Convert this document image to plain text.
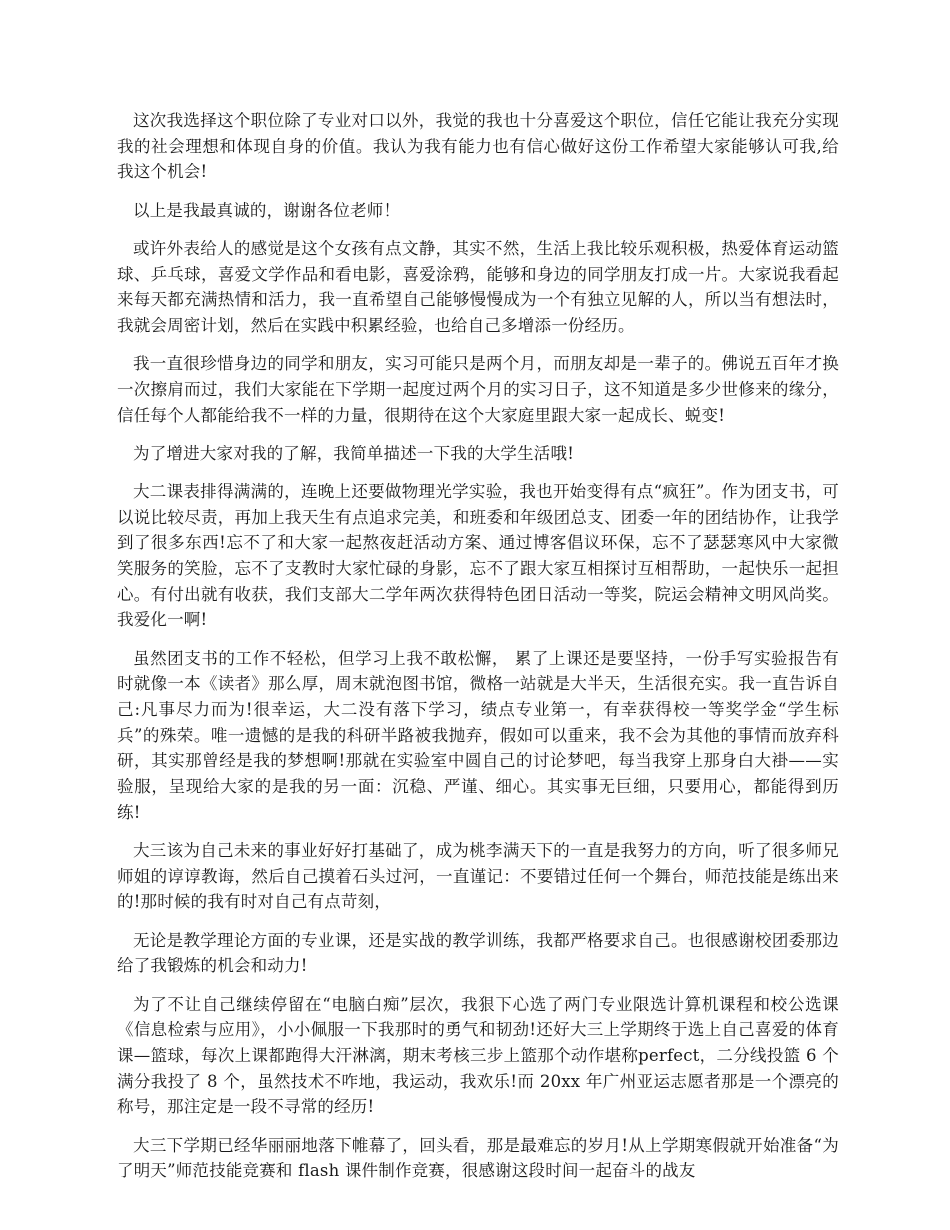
这次我选择这个职位除了专业对口以外，我觉的我也十分喜爱这个职位，信任它能让我充分实现我的社会理想和体现自身的价值。我认为我有能力也有信心做好这份工作希望大家能够认可我,给我这个机会!

以上是我最真诚的，谢谢各位老师！

或许外表给人的感觉是这个女孩有点文静，其实不然，生活上我比较乐观积极，热爱体育运动篮球、乒乓球，喜爱文学作品和看电影，喜爱涂鸦，能够和身边的同学朋友打成一片。大家说我看起来每天都充满热情和活力，我一直希望自己能够慢慢成为一个有独立见解的人，所以当有想法时，我就会周密计划，然后在实践中积累经验，也给自己多增添一份经历。

我一直很珍惜身边的同学和朋友，实习可能只是两个月，而朋友却是一辈子的。佛说五百年才换一次擦肩而过，我们大家能在下学期一起度过两个月的实习日子，这不知道是多少世修来的缘分，信任每个人都能给我不一样的力量，很期待在这个大家庭里跟大家一起成长、蜕变!

为了增进大家对我的了解，我简单描述一下我的大学生活哦!

大二课表排得满满的，连晚上还要做物理光学实验，我也开始变得有点“疯狂”。作为团支书，可以说比较尽责，再加上我天生有点追求完美，和班委和年级团总支、团委一年的团结协作，让我学到了很多东西!忘不了和大家一起熬夜赶活动方案、通过博客倡议环保，忘不了瑟瑟寒风中大家微笑服务的笑脸，忘不了支教时大家忙碌的身影，忘不了跟大家互相探讨互相帮助，一起快乐一起担心。有付出就有收获，我们支部大二学年两次获得特色团日活动一等奖，院运会精神文明风尚奖。我爱化一啊!

虽然团支书的工作不轻松，但学习上我不敢松懈， 累了上课还是要坚持，一份手写实验报告有时就像一本《读者》那么厚，周末就泡图书馆，微格一站就是大半天，生活很充实。我一直告诉自己:凡事尽力而为!很幸运，大二没有落下学习，绩点专业第一，有幸获得校一等奖学金“学生标兵”的殊荣。唯一遗憾的是我的科研半路被我抛弃，假如可以重来，我不会为其他的事情而放弃科研，其实那曾经是我的梦想啊!那就在实验室中圆自己的讨论梦吧，每当我穿上那身白大褂——实验服，呈现给大家的是我的另一面：沉稳、严谨、细心。其实事无巨细，只要用心，都能得到历练!

大三该为自己未来的事业好好打基础了，成为桃李满天下的一直是我努力的方向，听了很多师兄师姐的谆谆教诲，然后自己摸着石头过河，一直谨记：不要错过任何一个舞台，师范技能是练出来的!那时候的我有时对自己有点苛刻，

无论是教学理论方面的专业课，还是实战的教学训练，我都严格要求自己。也很感谢校团委那边给了我锻炼的机会和动力!

为了不让自己继续停留在“电脑白痴”层次，我狠下心选了两门专业限选计算机课程和校公选课《信息检索与应用》，小小佩服一下我那时的勇气和韧劲!还好大三上学期终于选上自己喜爱的体育课—篮球，每次上课都跑得大汗淋漓，期末考核三步上篮那个动作堪称perfect，二分线投篮 6 个满分我投了 8 个，虽然技术不咋地，我运动，我欢乐!而 20xx 年广州亚运志愿者那是一个漂亮的称号，那注定是一段不寻常的经历!

大三下学期已经华丽丽地落下帷幕了，回头看，那是最难忘的岁月!从上学期寒假就开始准备“为了明天”师范技能竞赛和 flash 课件制作竞赛，很感谢这段时间一起奋斗的战友
